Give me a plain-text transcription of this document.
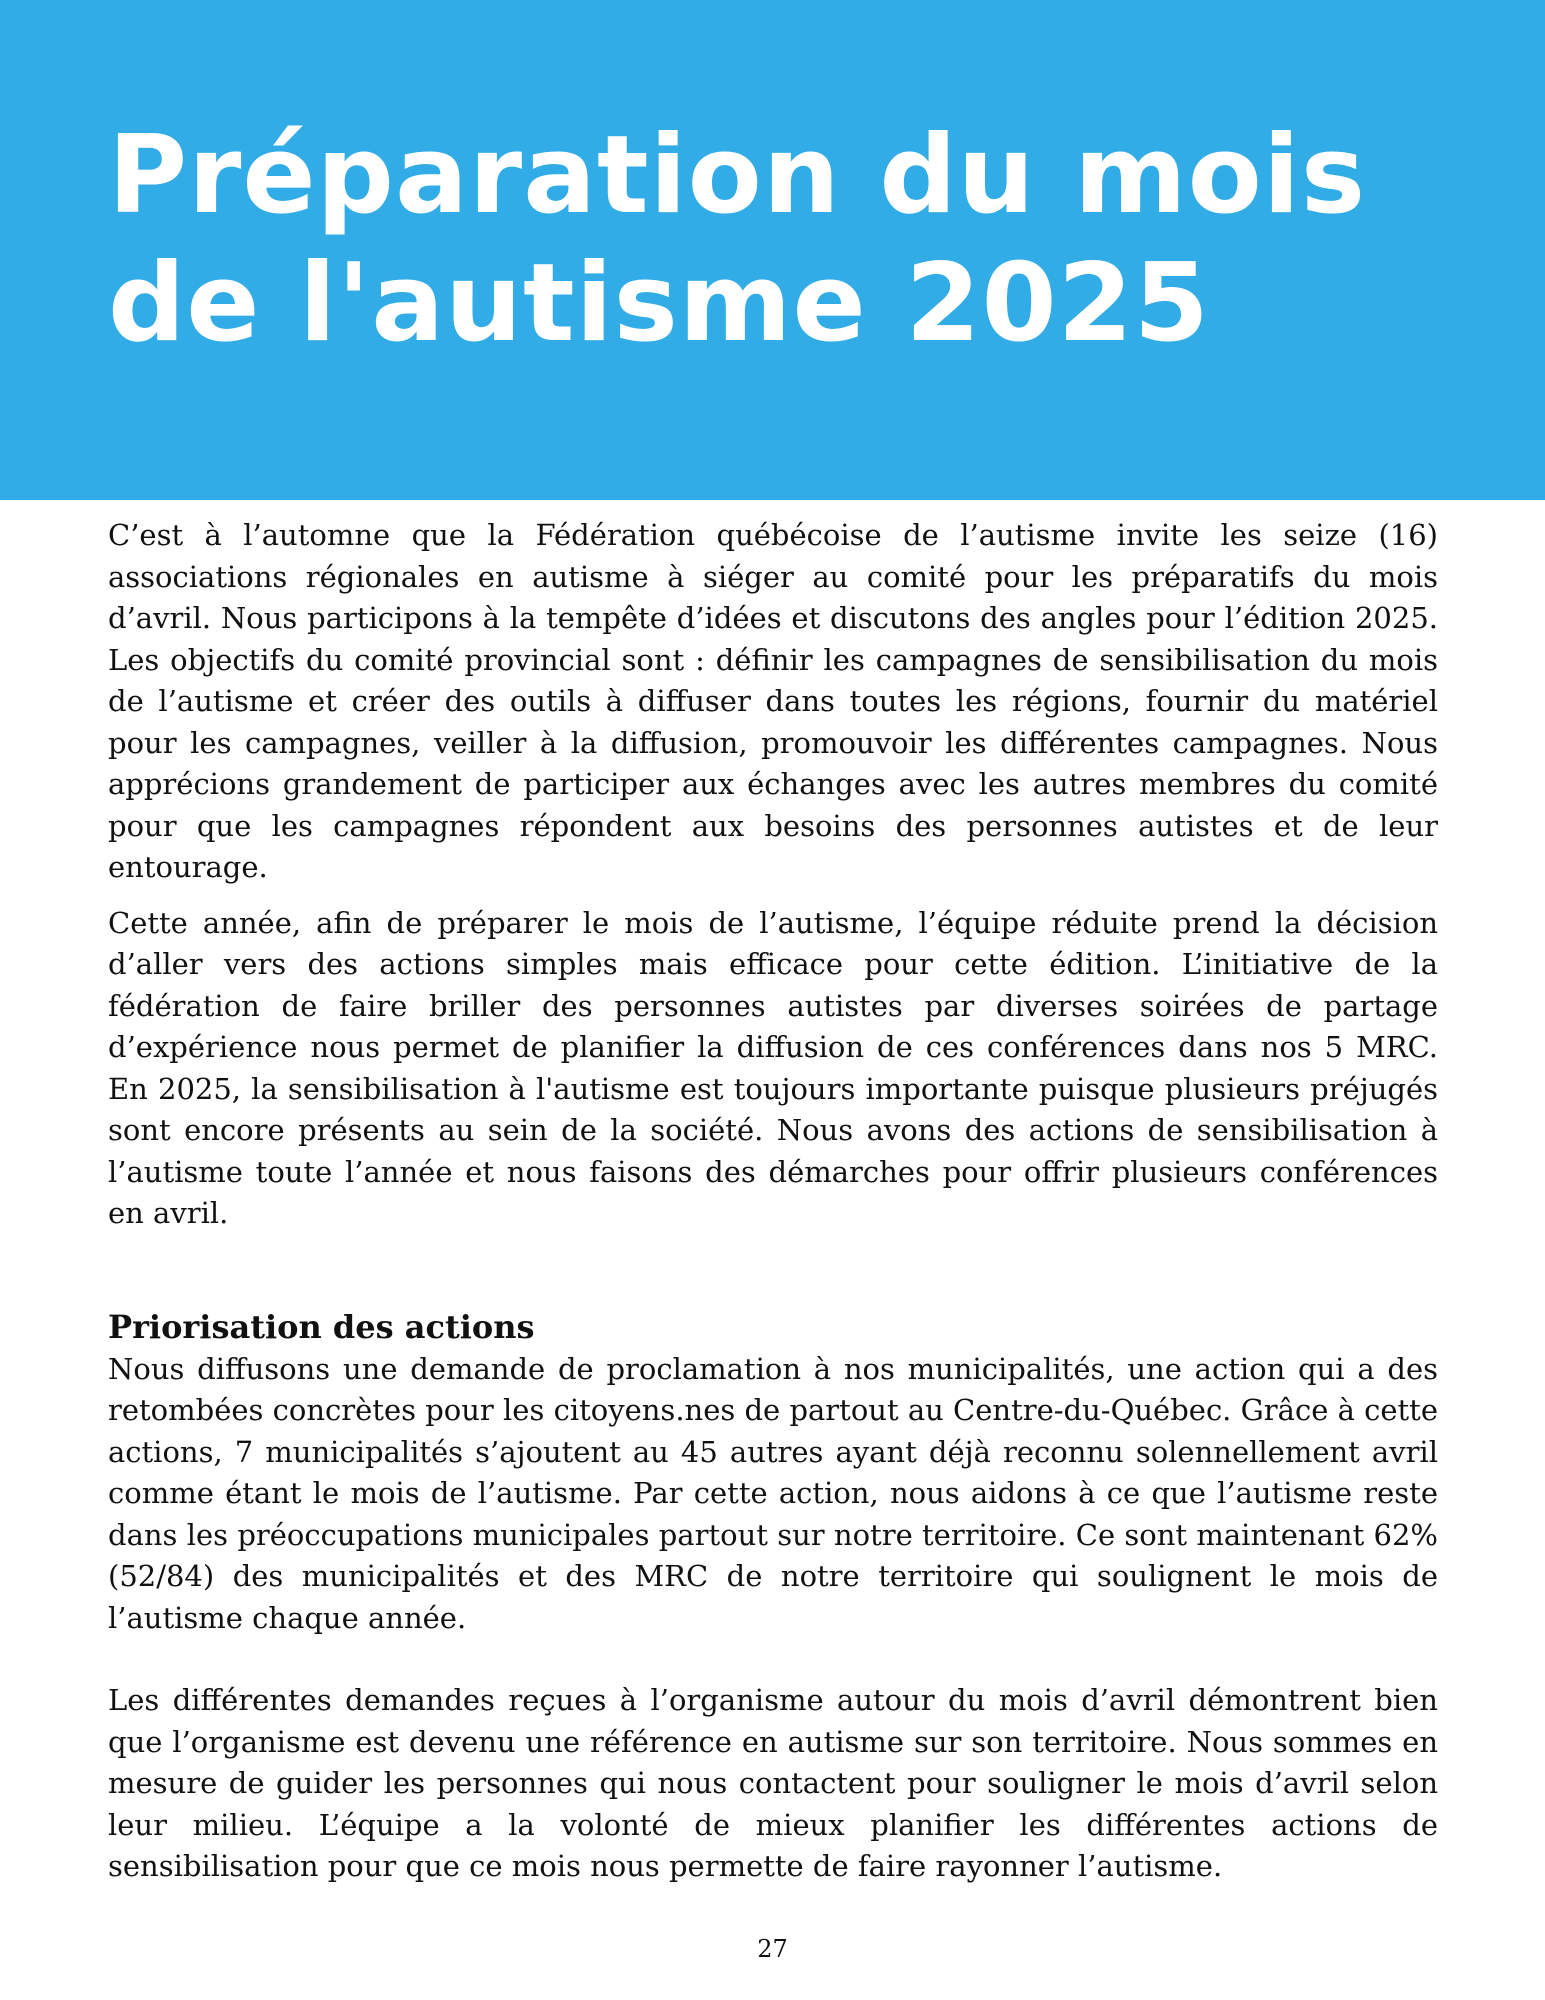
Préparation du mois
de l'autisme 2025

C’est à l’automne que la Fédération québécoise de l’autisme invite les seize (16) associations régionales en autisme à siéger au comité pour les préparatifs du mois d’avril. Nous participons à la tempête d’idées et discutons des angles pour l’édition 2025. Les objectifs du comité provincial sont : définir les campagnes de sensibilisation du mois de l’autisme et créer des outils à diffuser dans toutes les régions, fournir du matériel pour les campagnes, veiller à la diffusion, promouvoir les différentes campagnes. Nous apprécions grandement de participer aux échanges avec les autres membres du comité pour que les campagnes répondent aux besoins des personnes autistes et de leur entourage.

Cette année, afin de préparer le mois de l’autisme, l’équipe réduite prend la décision d’aller vers des actions simples mais efficace pour cette édition. L’initiative de la fédération de faire briller des personnes autistes par diverses soirées de partage d’expérience nous permet de planifier la diffusion de ces conférences dans nos 5 MRC. En 2025, la sensibilisation à l'autisme est toujours importante puisque plusieurs préjugés sont encore présents au sein de la société. Nous avons des actions de sensibilisation à l’autisme toute l’année et nous faisons des démarches pour offrir plusieurs conférences en avril.

Priorisation des actions

Nous diffusons une demande de proclamation à nos municipalités, une action qui a des retombées concrètes pour les citoyens.nes de partout au Centre-du-Québec. Grâce à cette actions, 7 municipalités s’ajoutent au 45 autres ayant déjà reconnu solennellement avril comme étant le mois de l’autisme. Par cette action, nous aidons à ce que l’autisme reste dans les préoccupations municipales partout sur notre territoire. Ce sont maintenant 62% (52/84) des municipalités et des MRC de notre territoire qui soulignent le mois de l’autisme chaque année.

Les différentes demandes reçues à l’organisme autour du mois d’avril démontrent bien que l’organisme est devenu une référence en autisme sur son territoire. Nous sommes en mesure de guider les personnes qui nous contactent pour souligner le mois d’avril selon leur milieu. L’équipe a la volonté de mieux planifier les différentes actions de sensibilisation pour que ce mois nous permette de faire rayonner l’autisme.

27
